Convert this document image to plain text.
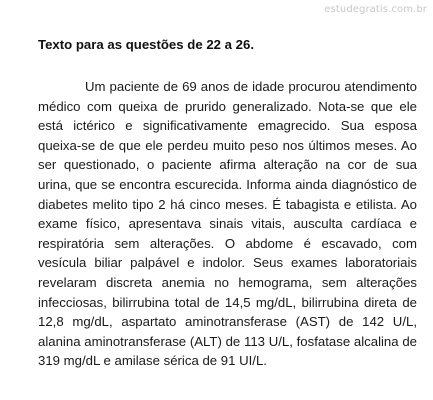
estudegratis.com.br

Texto para as questões de 22 a 26.

Um paciente de 69 anos de idade procurou atendimento médico com queixa de prurido generalizado. Nota-se que ele está ictérico e significativamente emagrecido. Sua esposa queixa-se de que ele perdeu muito peso nos últimos meses. Ao ser questionado, o paciente afirma alteração na cor de sua urina, que se encontra escurecida. Informa ainda diagnóstico de diabetes melito tipo 2 há cinco meses. É tabagista e etilista. Ao exame físico, apresentava sinais vitais, ausculta cardíaca e respiratória sem alterações. O abdome é escavado, com vesícula biliar palpável e indolor. Seus exames laboratoriais revelaram discreta anemia no hemograma, sem alterações infecciosas, bilirrubina total de 14,5 mg/dL, bilirrubina direta de 12,8 mg/dL, aspartato aminotransferase (AST) de 142 U/L, alanina aminotransferase (ALT) de 113 U/L, fosfatase alcalina de 319 mg/dL e amilase sérica de 91 UI/L.
